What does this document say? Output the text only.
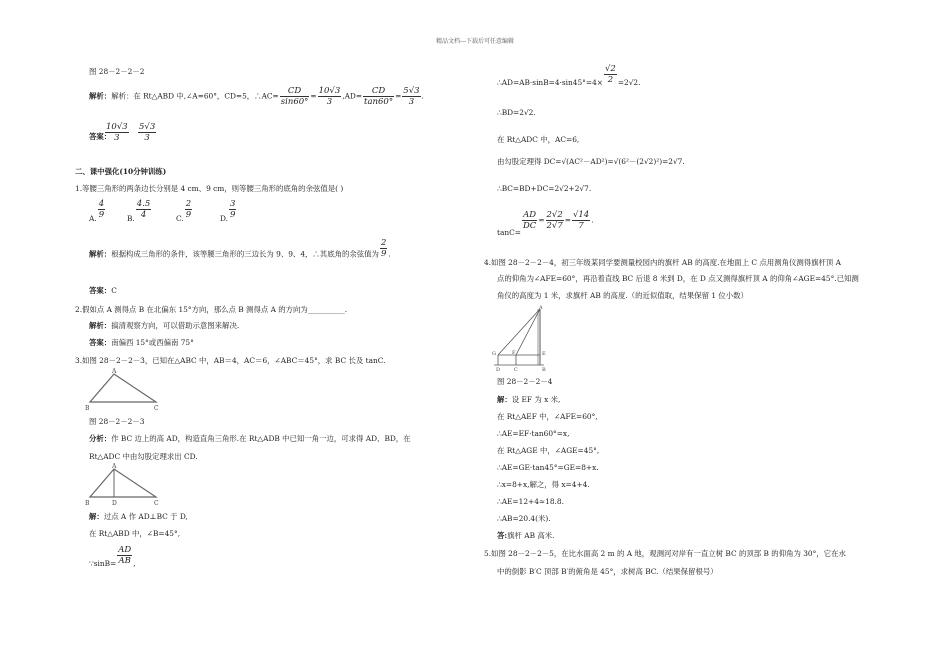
精品文档---下载后可任意编辑
图 28－2－2－2
解析：解析：在 Rt△ABD 中,∠A=60°，CD=5，∴AC= $\frac{CD}{\sin 60^\circ} = \frac{10√3}{3} ,AD= \frac{CD}{\tan 60^\circ} = \frac{5√3}{3}$ .
答案：
$\frac{10√3}{3}$
$\frac{5√3}{3}$
二、课中强化(10分钟训练)
1.等腰三角形的两条边长分别是 4 cm、9 cm，则等腰三角形的底角的余弦值是( )
A. $\frac{4}{9}$	B. $\frac{4.5}{4}$	C. $\frac{2}{9}$	D. $\frac{3}{9}$
解析：根据构成三角形的条件，该等腰三角形的三边长为 9、9、4，∴其底角的余弦值为 $\frac{2}{9}$ .
答案：C
2.假如点 A 测得点 B 在北偏东 15°方向，那么点 B 测得点 A 的方向为__________.
解析：搞清观察方向，可以借助示意图来解决.
答案：南偏西 15°或西偏南 75°
3.如图 28－2－2－3，已知在△ABC 中，AB＝4，AC＝6，∠ABC＝45°，求 BC 长及 tanC.
A
B	C
图 28－2－2－3
分析：作 BC 边上的高 AD，构造直角三角形.在 Rt△ADB 中已知一角一边，可求得 AD、BD，在
Rt△ADC 中由勾股定理求出 CD.
A
B	D	C
解：过点 A 作 AD⊥BC 于 D,
在 Rt△ABD 中，∠B=45°,
∵sinB= $\frac{AD}{AB}$ ,
∴AD=AB·sinB=4·sin45°=4× $\frac{√2}{2} =2√2$.
∴BD=2√2.
在 Rt△ADC 中，AC=6,
由勾股定理得 DC=√(AC²－AD²)=√(6²－(2√2)²)=2√7.
∴BC=BD+DC=2√2+2√7.
tanC=
$\frac{AD}{DC} = \frac{2√2}{2√7} = \frac{√14}{7}$ .
4.如图 28－2－2－4，初三年级某同学要测量校园内的旗杆 AB 的高度.在地面上 C 点用测角仪测得旗杆顶 A
点的仰角为∠AFE=60°，再沿着直线 BC 后退 8 米到 D，在 D 点又测得旗杆顶 A 的仰角∠AGE=45°.已知测
角仪的高度为 1 米，求旗杆 AB 的高度.（的近似值取，结果保留 1 位小数）
A
G	F	E
D	C	B
图 28－2－2－4
解：设 EF 为 x 米,
在 Rt△AEF 中，∠AFE=60°,
∴AE=EF·tan60°=x,
在 Rt△AGE 中，∠AGE=45°,
∴AE=GE·tan45°=GE=8+x.
∴x=8+x,解之，得 x=4+4.
∴AE=12+4≈18.8.
∴AB=20.4(米).
答:旗杆 AB 高米.
5.如图 28－2－2－5，在比水面高 2 m 的 A 地，观测河对岸有一直立树 BC 的顶部 B 的仰角为 30°，它在水
中的倒影 B′C 顶部 B′的俯角是 45°，求树高 BC.（结果保留根号）
